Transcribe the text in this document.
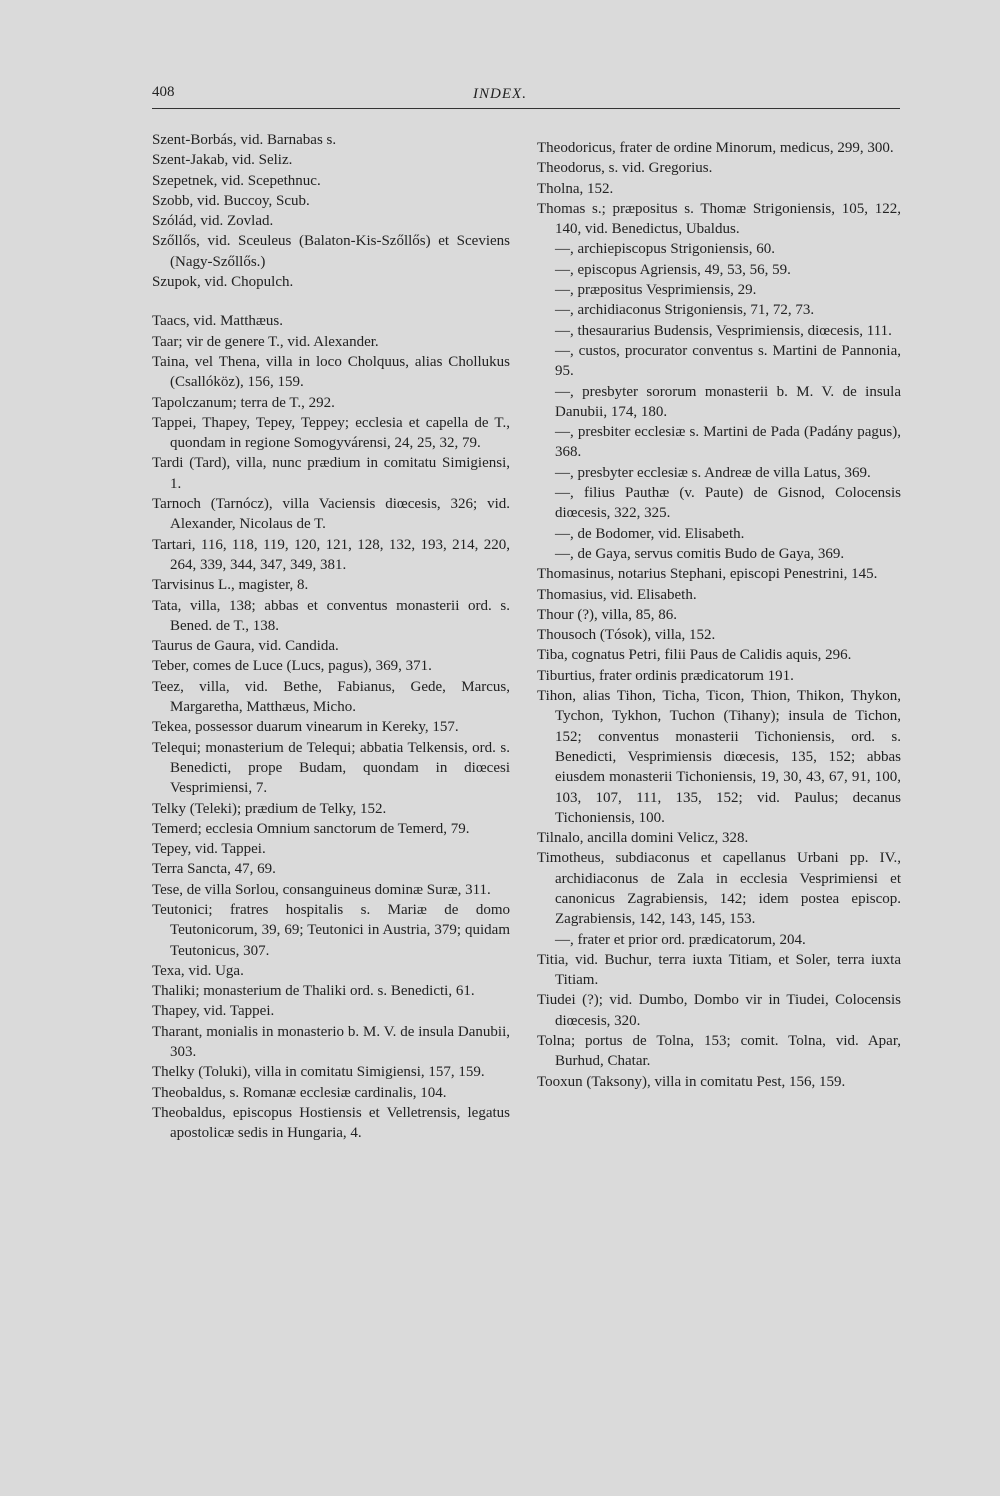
408	INDEX.

Szent-Borbás, vid. Barnabas s.

Szent-Jakab, vid. Seliz.

Szepetnek, vid. Scepethnuc.

Szobb, vid. Buccoy, Scub.

Szólád, vid. Zovlad.

Szőllős, vid. Sceuleus (Balaton-Kis-Szőllős) et Sceviens (Nagy-Szőllős.)

Szupok, vid. Chopulch.

Taacs, vid. Matthæus.

Taar; vir de genere T., vid. Alexander.

Taina, vel Thena, villa in loco Cholquus, alias Chollukus (Csallóköz), 156, 159.

Tapolczanum; terra de T., 292.

Tappei, Thapey, Tepey, Teppey; ecclesia et capella de T., quondam in regione Somogyvárensi, 24, 25, 32, 79.

Tardi (Tard), villa, nunc prædium in comitatu Simigiensi, 1.

Tarnoch (Tarnócz), villa Vaciensis diœcesis, 326; vid. Alexander, Nicolaus de T.

Tartari, 116, 118, 119, 120, 121, 128, 132, 193, 214, 220, 264, 339, 344, 347, 349, 381.

Tarvisinus L., magister, 8.

Tata, villa, 138; abbas et conventus monasterii ord. s. Bened. de T., 138.

Taurus de Gaura, vid. Candida.

Teber, comes de Luce (Lucs, pagus), 369, 371.

Teez, villa, vid. Bethe, Fabianus, Gede, Marcus, Margaretha, Matthæus, Micho.

Tekea, possessor duarum vinearum in Kereky, 157.

Telequi; monasterium de Telequi; abbatia Telkensis, ord. s. Benedicti, prope Budam, quondam in diœcesi Vesprimiensi, 7.

Telky (Teleki); prædium de Telky, 152.

Temerd; ecclesia Omnium sanctorum de Temerd, 79.

Tepey, vid. Tappei.

Terra Sancta, 47, 69.

Tese, de villa Sorlou, consanguineus dominæ Suræ, 311.

Teutonici; fratres hospitalis s. Mariæ de domo Teutonicorum, 39, 69; Teutonici in Austria, 379; quidam Teutonicus, 307.

Texa, vid. Uga.

Thaliki; monasterium de Thaliki ord. s. Benedicti, 61.

Thapey, vid. Tappei.

Tharant, monialis in monasterio b. M. V. de insula Danubii, 303.

Thelky (Toluki), villa in comitatu Simigiensi, 157, 159.

Theobaldus, s. Romanæ ecclesiæ cardinalis, 104.

Theobaldus, episcopus Hostiensis et Velletrensis, legatus apostolicæ sedis in Hungaria, 4.

Theodoricus, frater de ordine Minorum, medicus, 299, 300.

Theodorus, s. vid. Gregorius.

Tholna, 152.

Thomas s.; præpositus s. Thomæ Strigoniensis, 105, 122, 140, vid. Benedictus, Ubaldus.

—, archiepiscopus Strigoniensis, 60.

—, episcopus Agriensis, 49, 53, 56, 59.

—, præpositus Vesprimiensis, 29.

—, archidiaconus Strigoniensis, 71, 72, 73.

—, thesaurarius Budensis, Vesprimiensis, diœcesis, 111.

—, custos, procurator conventus s. Martini de Pannonia, 95.

—, presbyter sororum monasterii b. M. V. de insula Danubii, 174, 180.

—, presbiter ecclesiæ s. Martini de Pada (Padány pagus), 368.

—, presbyter ecclesiæ s. Andreæ de villa Latus, 369.

—, filius Pauthæ (v. Paute) de Gisnod, Colocensis diœcesis, 322, 325.

—, de Bodomer, vid. Elisabeth.

—, de Gaya, servus comitis Budo de Gaya, 369.

Thomasinus, notarius Stephani, episcopi Penestrini, 145.

Thomasius, vid. Elisabeth.

Thour (?), villa, 85, 86.

Thousoch (Tósok), villa, 152.

Tiba, cognatus Petri, filii Paus de Calidis aquis, 296.

Tiburtius, frater ordinis prædicatorum 191.

Tihon, alias Tihon, Ticha, Ticon, Thion, Thikon, Thykon, Tychon, Tykhon, Tuchon (Tihany); insula de Tichon, 152; conventus monasterii Tichoniensis, ord. s. Benedicti, Vesprimiensis diœcesis, 135, 152; abbas eiusdem monasterii Tichoniensis, 19, 30, 43, 67, 91, 100, 103, 107, 111, 135, 152; vid. Paulus; decanus Tichoniensis, 100.

Tilnalo, ancilla domini Velicz, 328.

Timotheus, subdiaconus et capellanus Urbani pp. IV., archidiaconus de Zala in ecclesia Vesprimiensi et canonicus Zagrabiensis, 142; idem postea episcop. Zagrabiensis, 142, 143, 145, 153.

—, frater et prior ord. prædicatorum, 204.

Titia, vid. Buchur, terra iuxta Titiam, et Soler, terra iuxta Titiam.

Tiudei (?); vid. Dumbo, Dombo vir in Tiudei, Colocensis diœcesis, 320.

Tolna; portus de Tolna, 153; comit. Tolna, vid. Apar, Burhud, Chatar.

Tooxun (Taksony), villa in comitatu Pest, 156, 159.
